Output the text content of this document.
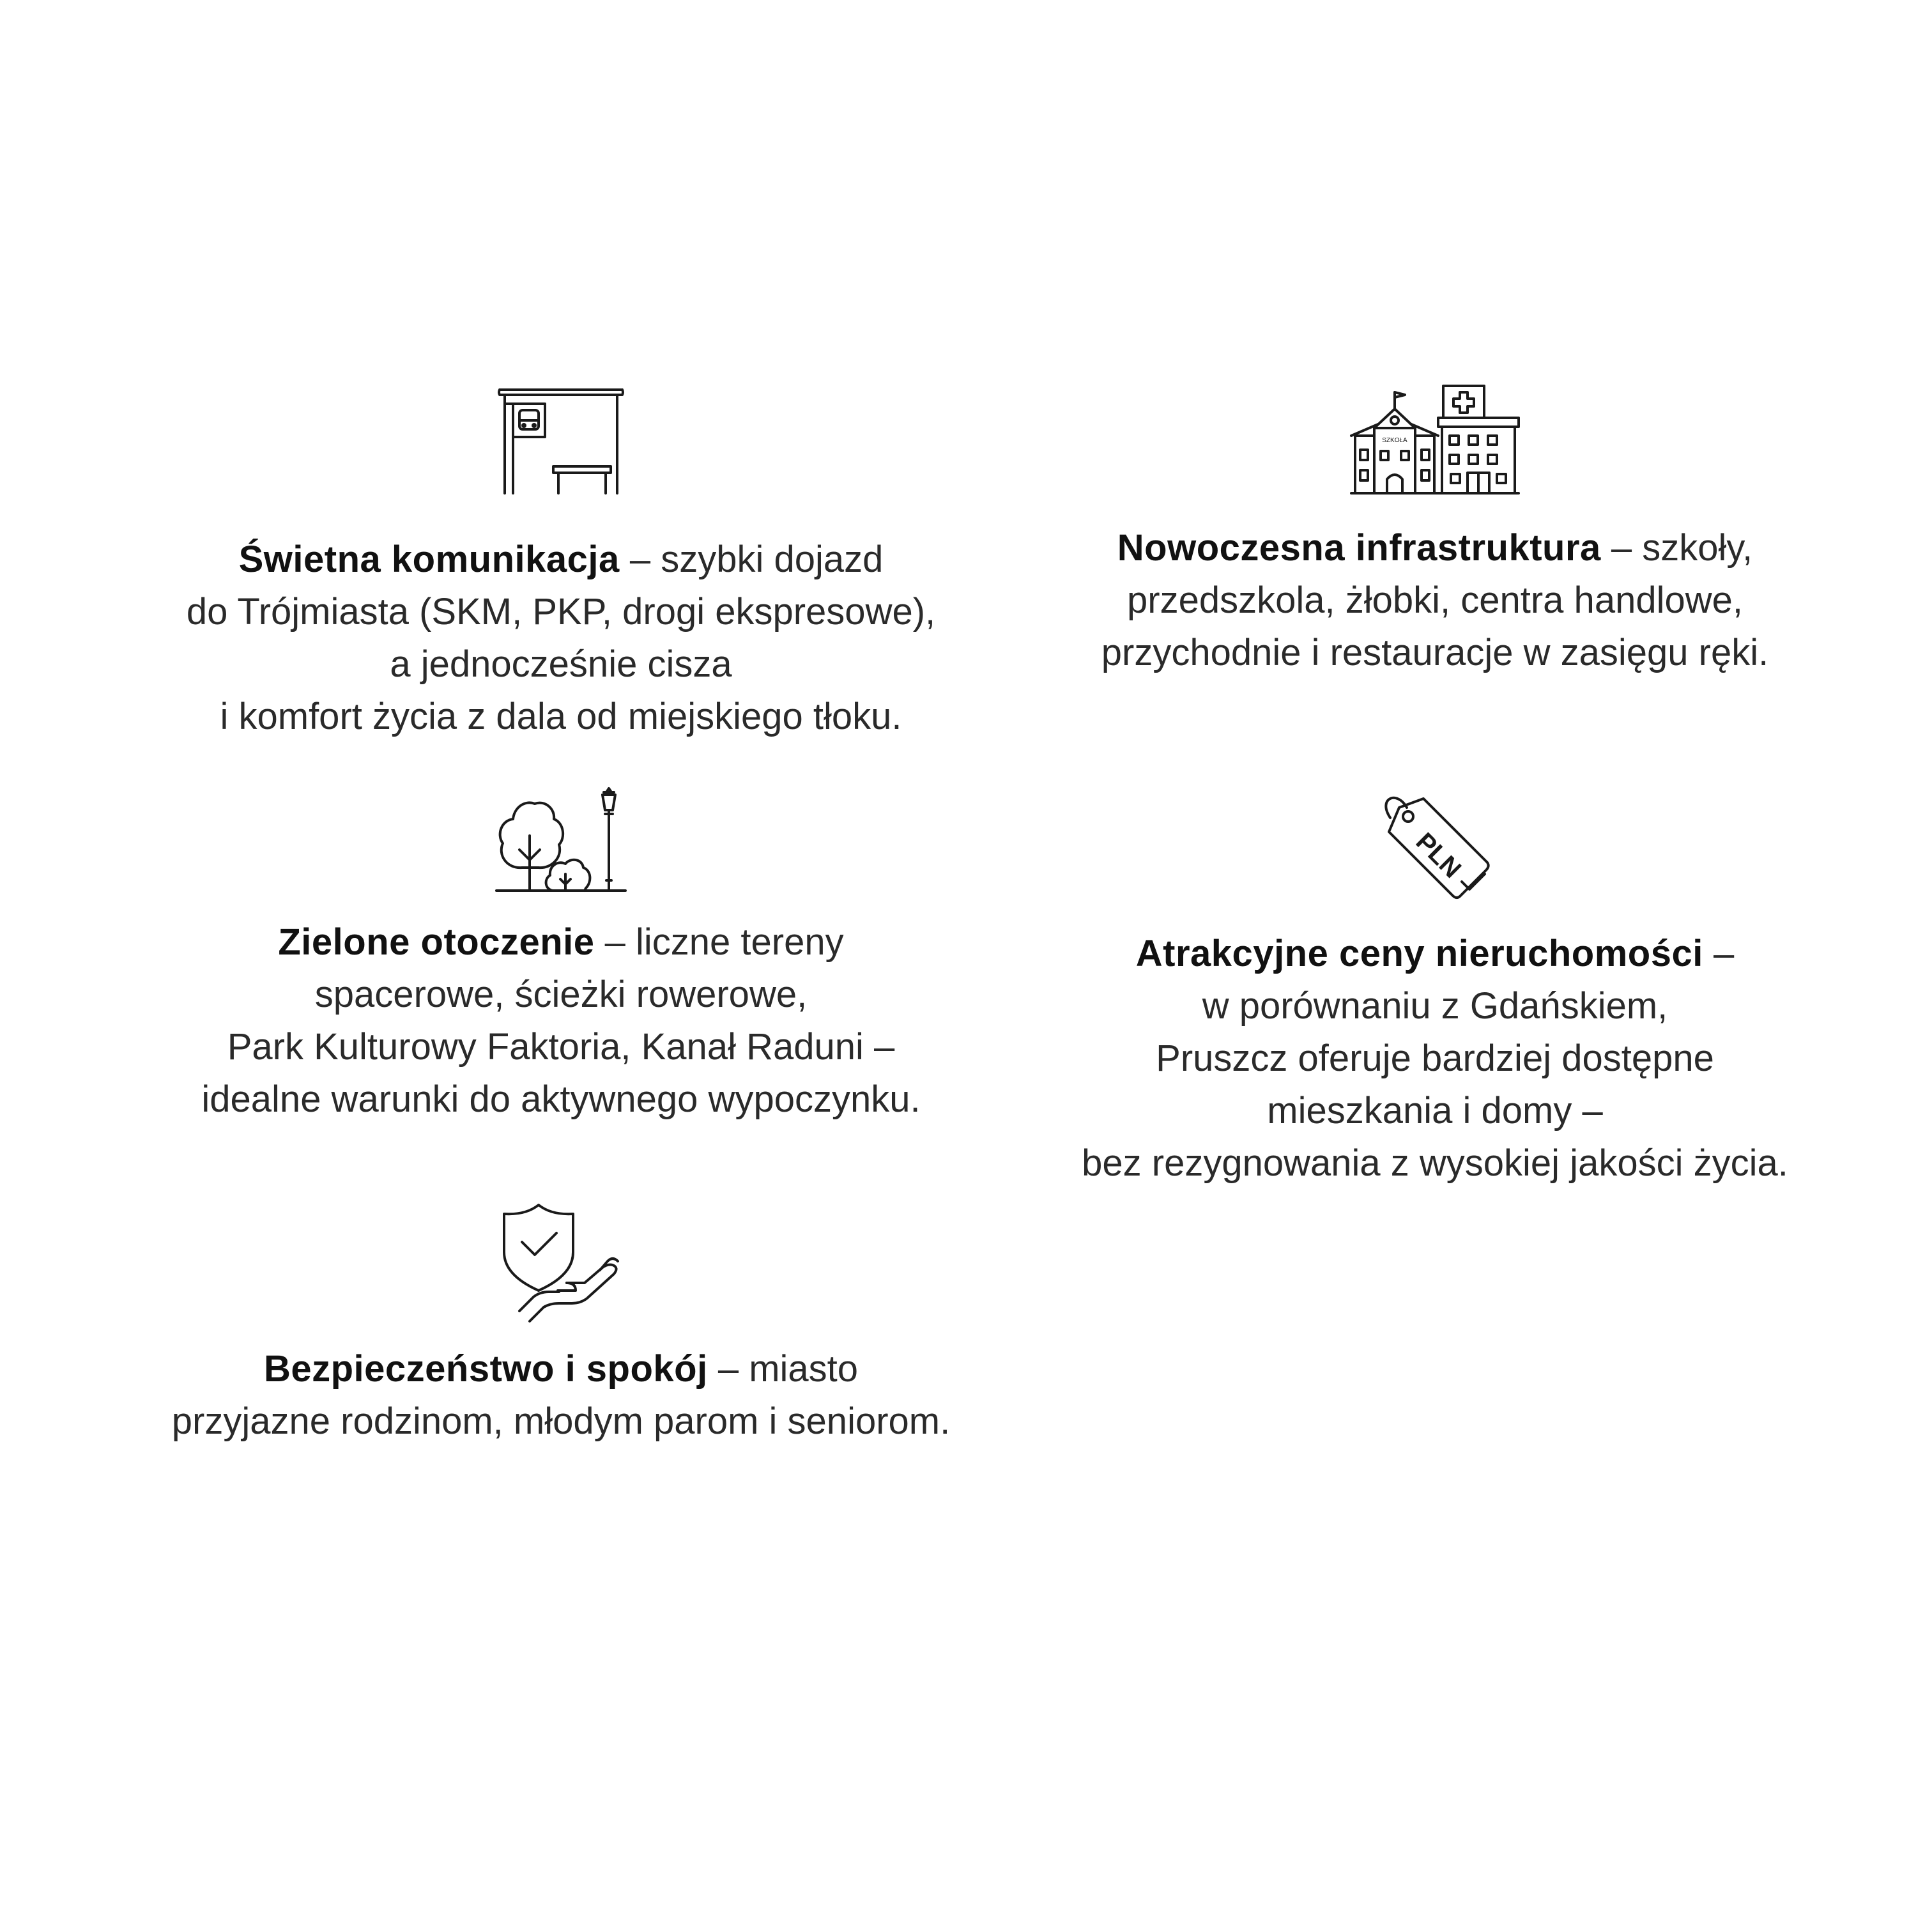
Świetna komunikacja – szybki dojazd
do Trójmiasta (SKM, PKP, drogi ekspresowe),
a jednocześnie cisza
i komfort życia z dala od miejskiego tłoku.
SZKOŁA
Nowoczesna infrastruktura – szkoły,
przedszkola, żłobki, centra handlowe,
przychodnie i restauracje w zasięgu ręki.
Zielone otoczenie – liczne tereny
spacerowe, ścieżki rowerowe,
Park Kulturowy Faktoria, Kanał Raduni –
idealne warunki do aktywnego wypoczynku.
PLN
Atrakcyjne ceny nieruchomości –
w porównaniu z Gdańskiem,
Pruszcz oferuje bardziej dostępne
mieszkania i domy –
bez rezygnowania z wysokiej jakości życia.
Bezpieczeństwo i spokój – miasto
przyjazne rodzinom, młodym parom i seniorom.
